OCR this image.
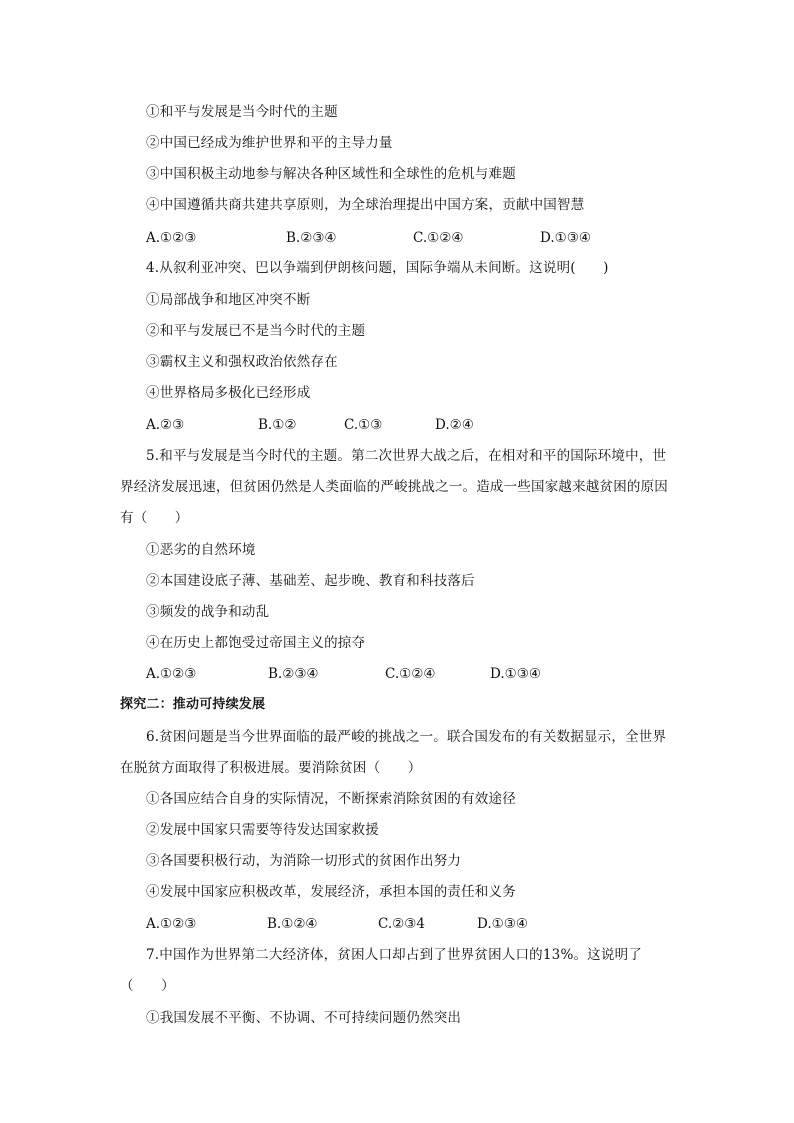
①和平与发展是当今时代的主题
②中国已经成为维护世界和平的主导力量
③中国积极主动地参与解决各种区域性和全球性的危机与难题
④中国遵循共商共建共享原则，为全球治理提出中国方案，贡献中国智慧
A.①②③	B.②③④	C.①②④	D.①③④
4.从叙利亚冲突、巴以争端到伊朗核问题，国际争端从未间断。这说明(　　)
①局部战争和地区冲突不断
②和平与发展已不是当今时代的主题
③霸权主义和强权政治依然存在
④世界格局多极化已经形成
A.②③	B.①②	C.①③	D.②④
5.和平与发展是当今时代的主题。第二次世界大战之后，在相对和平的国际环境中，世
界经济发展迅速，但贫困仍然是人类面临的严峻挑战之一。造成一些国家越来越贫困的原因
有（　　）
①恶劣的自然环境
②本国建设底子薄、基础差、起步晚、教育和科技落后
③频发的战争和动乱
④在历史上都饱受过帝国主义的掠夺
A.①②③	B.②③④	C.①②④	D.①③④
探究二：推动可持续发展
6.贫困问题是当今世界面临的最严峻的挑战之一。联合国发布的有关数据显示，全世界
在脱贫方面取得了积极进展。要消除贫困（　　）
①各国应结合自身的实际情况，不断探索消除贫困的有效途径
②发展中国家只需要等待发达国家救援
③各国要积极行动，为消除一切形式的贫困作出努力
④发展中国家应积极改革，发展经济，承担本国的责任和义务
A.①②③	B.①②④	C.②③4	D.①③④
7.中国作为世界第二大经济体，贫困人口却占到了世界贫困人口的13%。这说明了
（　　）
①我国发展不平衡、不协调、不可持续问题仍然突出
